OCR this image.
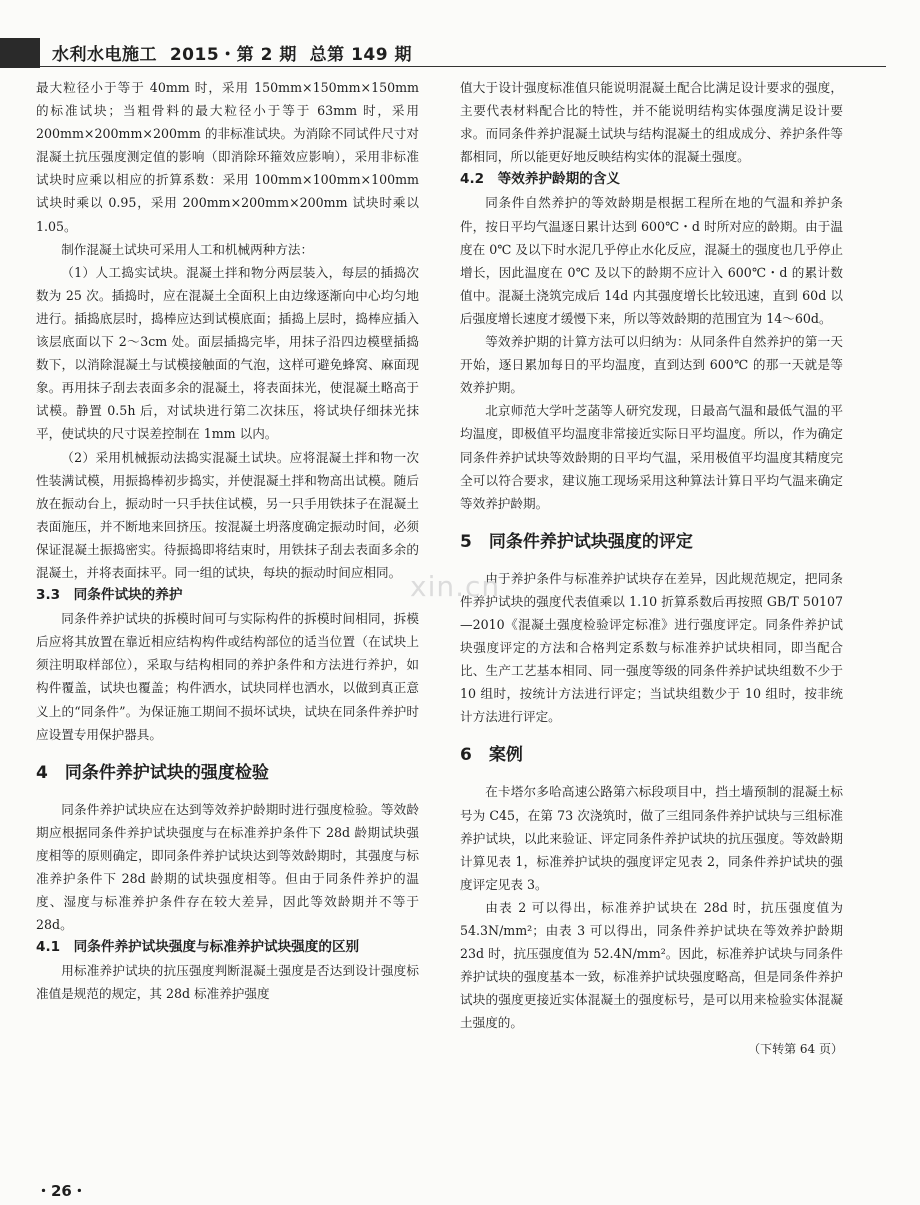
水利水电施工 2015・第 2 期 总第 149 期

最大粒径小于等于 40mm 时，采用 150mm×150mm×150mm 的标准试块；当粗骨料的最大粒径小于等于 63mm 时，采用 200mm×200mm×200mm 的非标准试块。为消除不同试件尺寸对混凝土抗压强度测定值的影响（即消除环箍效应影响），采用非标准试块时应乘以相应的折算系数：采用 100mm×100mm×100mm 试块时乘以 0.95，采用 200mm×200mm×200mm 试块时乘以 1.05。

制作混凝土试块可采用人工和机械两种方法：

（1）人工捣实试块。混凝土拌和物分两层装入，每层的插捣次数为 25 次。插捣时，应在混凝土全面积上由边缘逐渐向中心均匀地进行。插捣底层时，捣棒应达到试模底面；插捣上层时，捣棒应插入该层底面以下 2～3cm 处。面层插捣完毕，用抹子沿四边模壁插捣数下，以消除混凝土与试模接触面的气泡，这样可避免蜂窝、麻面现象。再用抹子刮去表面多余的混凝土，将表面抹光，使混凝土略高于试模。静置 0.5h 后，对试块进行第二次抹压，将试块仔细抹光抹平，使试块的尺寸误差控制在 1mm 以内。

（2）采用机械振动法捣实混凝土试块。应将混凝土拌和物一次性装满试模，用振捣棒初步捣实，并使混凝土拌和物高出试模。随后放在振动台上，振动时一只手扶住试模，另一只手用铁抹子在混凝土表面施压，并不断地来回挤压。按混凝土坍落度确定振动时间，必须保证混凝土振捣密实。待振捣即将结束时，用铁抹子刮去表面多余的混凝土，并将表面抹平。同一组的试块，每块的振动时间应相同。

3.3　同条件试块的养护

同条件养护试块的拆模时间可与实际构件的拆模时间相同，拆模后应将其放置在靠近相应结构构件或结构部位的适当位置（在试块上须注明取样部位），采取与结构相同的养护条件和方法进行养护，如构件覆盖，试块也覆盖；构件洒水，试块同样也洒水，以做到真正意义上的“同条件”。为保证施工期间不损坏试块，试块在同条件养护时应设置专用保护器具。

4　同条件养护试块的强度检验

同条件养护试块应在达到等效养护龄期时进行强度检验。等效龄期应根据同条件养护试块强度与在标准养护条件下 28d 龄期试块强度相等的原则确定，即同条件养护试块达到等效龄期时，其强度与标准养护条件下 28d 龄期的试块强度相等。但由于同条件养护的温度、湿度与标准养护条件存在较大差异，因此等效龄期并不等于 28d。

4.1　同条件养护试块强度与标准养护试块强度的区别

用标准养护试块的抗压强度判断混凝土强度是否达到设计强度标准值是规范的规定，其 28d 标准养护强度

值大于设计强度标准值只能说明混凝土配合比满足设计要求的强度，主要代表材料配合比的特性，并不能说明结构实体强度满足设计要求。而同条件养护混凝土试块与结构混凝土的组成成分、养护条件等都相同，所以能更好地反映结构实体的混凝土强度。

4.2　等效养护龄期的含义

同条件自然养护的等效龄期是根据工程所在地的气温和养护条件，按日平均气温逐日累计达到 600℃・d 时所对应的龄期。由于温度在 0℃ 及以下时水泥几乎停止水化反应，混凝土的强度也几乎停止增长，因此温度在 0℃ 及以下的龄期不应计入 600℃・d 的累计数值中。混凝土浇筑完成后 14d 内其强度增长比较迅速，直到 60d 以后强度增长速度才缓慢下来，所以等效龄期的范围宜为 14～60d。

等效养护期的计算方法可以归纳为：从同条件自然养护的第一天开始，逐日累加每日的平均温度，直到达到 600℃ 的那一天就是等效养护期。

北京师范大学叶芝菡等人研究发现，日最高气温和最低气温的平均温度，即极值平均温度非常接近实际日平均温度。所以，作为确定同条件养护试块等效龄期的日平均气温，采用极值平均温度其精度完全可以符合要求，建议施工现场采用这种算法计算日平均气温来确定等效养护龄期。

5　同条件养护试块强度的评定

由于养护条件与标准养护试块存在差异，因此规范规定，把同条件养护试块的强度代表值乘以 1.10 折算系数后再按照 GB/T 50107—2010《混凝土强度检验评定标准》进行强度评定。同条件养护试块强度评定的方法和合格判定系数与标准养护试块相同，即当配合比、生产工艺基本相同、同一强度等级的同条件养护试块组数不少于 10 组时，按统计方法进行评定；当试块组数少于 10 组时，按非统计方法进行评定。

6　案例

在卡塔尔多哈高速公路第六标段项目中，挡土墙预制的混凝土标号为 C45，在第 73 次浇筑时，做了三组同条件养护试块与三组标准养护试块，以此来验证、评定同条件养护试块的抗压强度。等效龄期计算见表 1，标准养护试块的强度评定见表 2，同条件养护试块的强度评定见表 3。

由表 2 可以得出，标准养护试块在 28d 时，抗压强度值为 54.3N/mm²；由表 3 可以得出，同条件养护试块在等效养护龄期 23d 时，抗压强度值为 52.4N/mm²。因此，标准养护试块与同条件养护试块的强度基本一致，标准养护试块强度略高，但是同条件养护试块的强度更接近实体混凝土的强度标号，是可以用来检验实体混凝土强度的。

（下转第 64 页）
xin.cn
・26・
